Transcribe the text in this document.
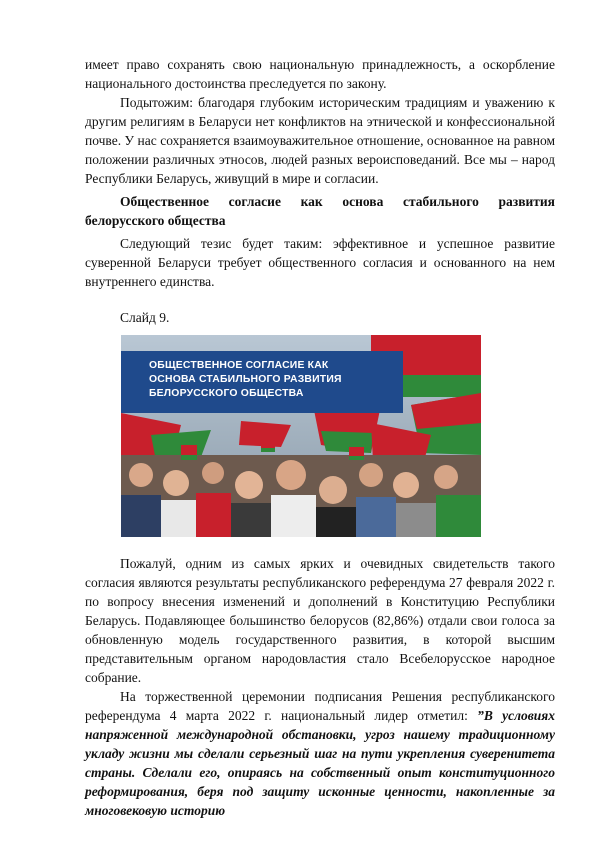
имеет право сохранять свою национальную принадлежность, а оскорбление национального достоинства преследуется по закону.

Подытожим: благодаря глубоким историческим традициям и уважению к другим религиям в Беларуси нет конфликтов на этнической и конфессиональной почве. У нас сохраняется взаимоуважительное отношение, основанное на равном положении различных этносов, людей разных вероисповеданий. Все мы – народ Республики Беларусь, живущий в мире и согласии.

Общественное согласие как основа стабильного развития белорусского общества

Следующий тезис будет таким: эффективное и успешное развитие суверенной Беларуси требует общественного согласия и основанного на нем внутреннего единства.

Слайд 9.

ОБЩЕСТВЕННОЕ СОГЛАСИЕ КАК
ОСНОВА СТАБИЛЬНОГО РАЗВИТИЯ
БЕЛОРУССКОГО ОБЩЕСТВА

Пожалуй, одним из самых ярких и очевидных свидетельств такого согласия являются результаты республиканского референдума 27 февраля 2022 г. по вопросу внесения изменений и дополнений в Конституцию Республики Беларусь. Подавляющее большинство белорусов (82,86%) отдали свои голоса за обновленную модель государственного развития, в которой высшим представительным органом народовластия стало Всебелорусское народное собрание.

На торжественной церемонии подписания Решения республиканского референдума 4 марта 2022 г. национальный лидер отметил: ”В условиях напряженной международной обстановки, угроз нашему традиционному укладу жизни мы сделали серьезный шаг на пути укрепления суверенитета страны. Сделали его, опираясь на собственный опыт конституционного реформирования, беря под защиту исконные ценности, накопленные за многовековую историю
